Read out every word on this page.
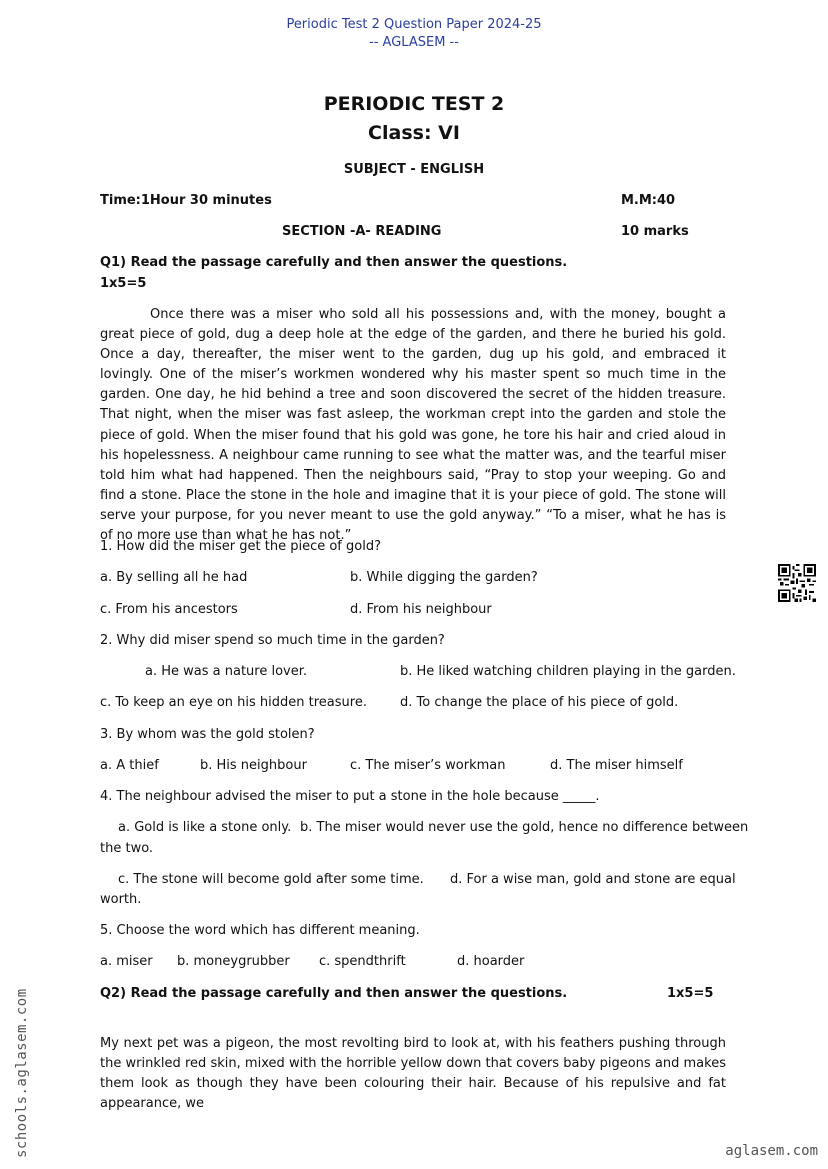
Periodic Test 2 Question Paper 2024-25
-- AGLASEM --
PERIODIC TEST 2
Class: VI
SUBJECT - ENGLISH
Time:1Hour 30 minutes	M.M:40
SECTION -A- READING	10 marks
Q1) Read the passage carefully and then answer the questions.
1x5=5
Once there was a miser who sold all his possessions and, with the money, bought a great piece of gold, dug a deep hole at the edge of the garden, and there he buried his gold. Once a day, thereafter, the miser went to the garden, dug up his gold, and embraced it lovingly. One of the miser’s workmen wondered why his master spent so much time in the garden. One day, he hid behind a tree and soon discovered the secret of the hidden treasure. That night, when the miser was fast asleep, the workman crept into the garden and stole the piece of gold. When the miser found that his gold was gone, he tore his hair and cried aloud in his hopelessness. A neighbour came running to see what the matter was, and the tearful miser told him what had happened. Then the neighbours said, “Pray to stop your weeping. Go and find a stone. Place the stone in the hole and imagine that it is your piece of gold. The stone will serve your purpose, for you never meant to use the gold anyway.” “To a miser, what he has is of no more use than what he has not.”
1. How did the miser get the piece of gold?
a. By selling all he had	b. While digging the garden?
c. From his ancestors	d. From his neighbour
2. Why did miser spend so much time in the garden?
a. He was a nature lover.	b. He liked watching children playing in the garden.
c. To keep an eye on his hidden treasure.	d. To change the place of his piece of gold.
3. By whom was the gold stolen?
a. A thief	b. His neighbour	c. The miser’s workman	d. The miser himself
4. The neighbour advised the miser to put a stone in the hole because _____.
a. Gold is like a stone only. b. The miser would never use the gold, hence no difference between
the two.
c. The stone will become gold after some time. d. For a wise man, gold and stone are equal
worth.
5. Choose the word which has different meaning.
a. miser b. moneygrubber c. spendthrift	d. hoarder
Q2) Read the passage carefully and then answer the questions.	1x5=5
My next pet was a pigeon, the most revolting bird to look at, with his feathers pushing through the wrinkled red skin, mixed with the horrible yellow down that covers baby pigeons and makes them look as though they have been colouring their hair. Because of his repulsive and fat appearance, we
schools.aglasem.com	aglasem.com
